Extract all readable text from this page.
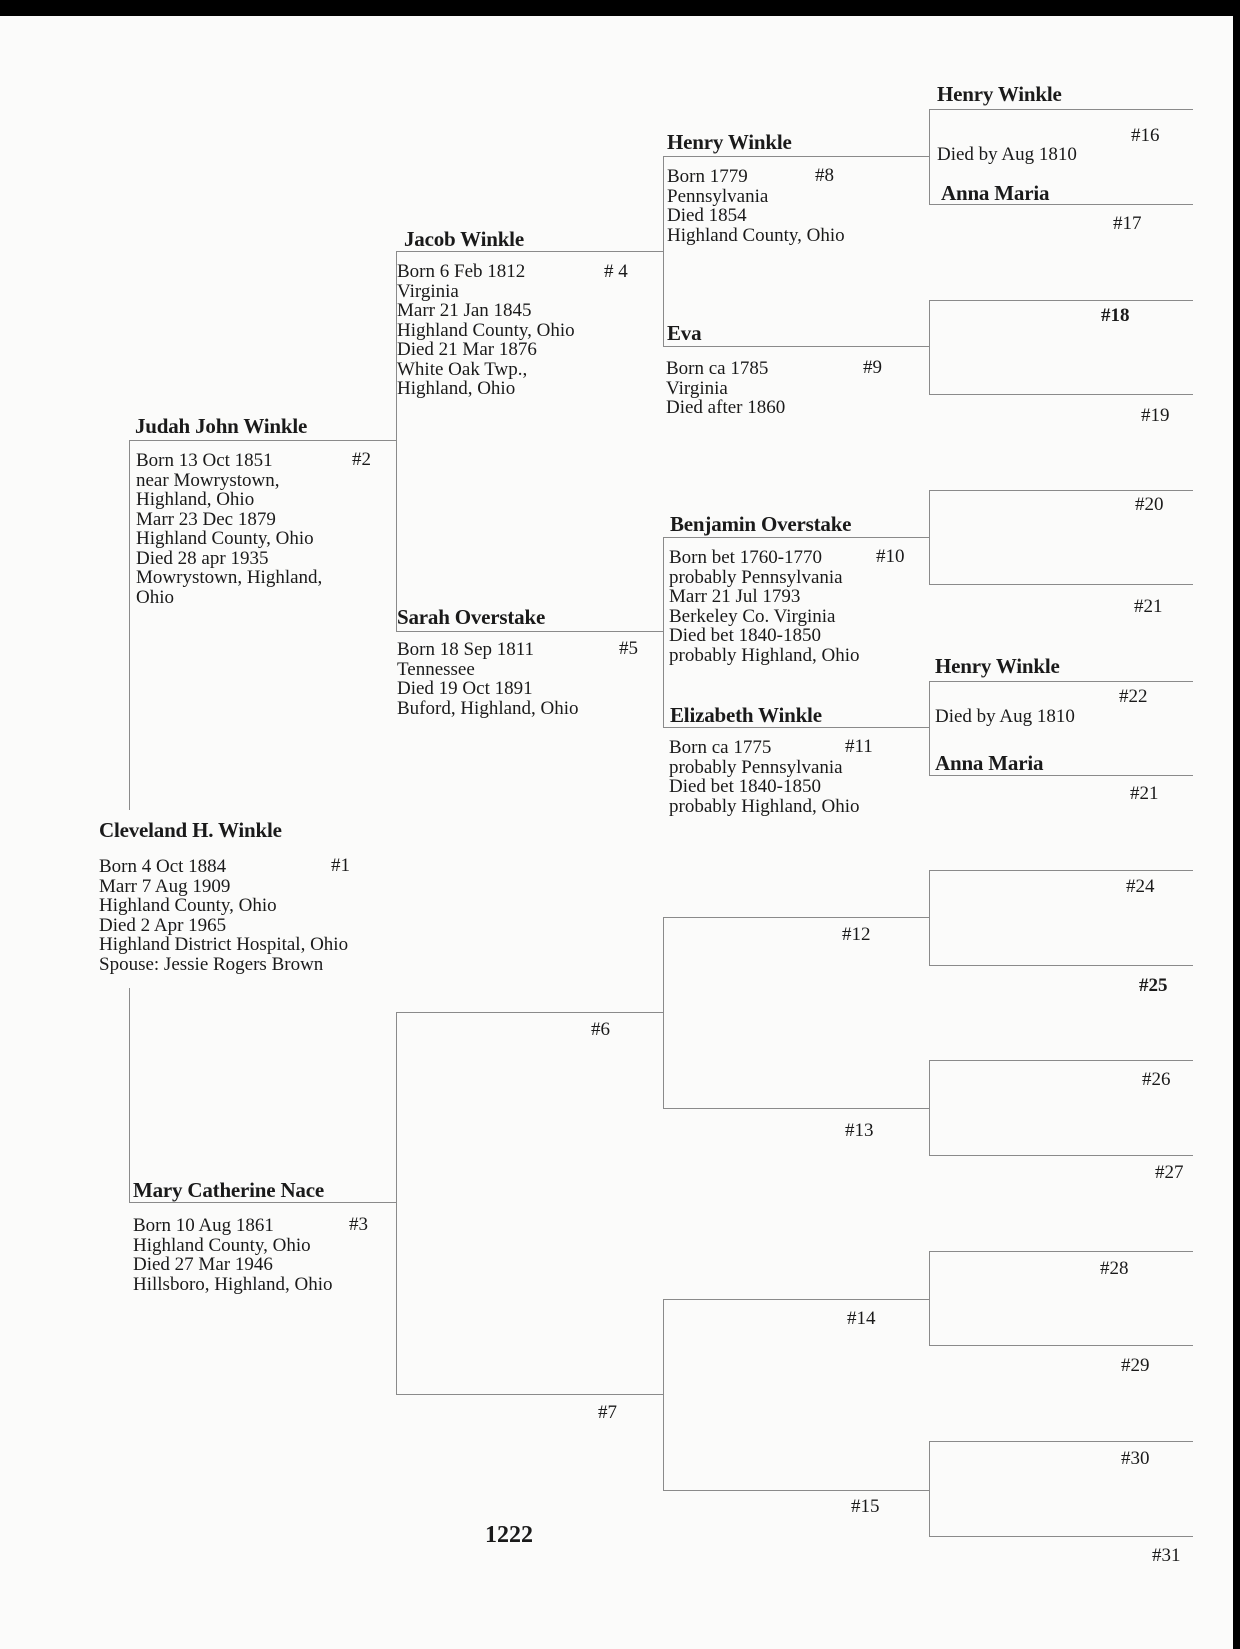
Cleveland H. Winkle
Born 4 Oct 1884
Marr 7 Aug 1909
Highland County, Ohio
Died 2 Apr 1965
Highland District Hospital, Ohio
Spouse: Jessie Rogers Brown
#1
Judah John Winkle
Born 13 Oct 1851
near Mowrystown,
Highland, Ohio
Marr 23 Dec 1879
Highland County, Ohio
Died 28 apr 1935
Mowrystown, Highland,
Ohio
#2
Mary Catherine Nace
Born 10 Aug 1861
Highland County, Ohio
Died 27 Mar 1946
Hillsboro, Highland, Ohio
#3
Jacob Winkle
Born 6 Feb 1812
Virginia
Marr 21 Jan 1845
Highland County, Ohio
Died 21 Mar 1876
White Oak Twp.,
Highland, Ohio
# 4
Sarah Overstake
Born 18 Sep 1811
Tennessee
Died 19 Oct 1891
Buford, Highland, Ohio
#5
#6
#7
Henry Winkle
Born 1779
Pennsylvania
Died 1854
Highland County, Ohio
#8
Eva
Born ca 1785
Virginia
Died after 1860
#9
Benjamin Overstake
Born bet 1760-1770
probably Pennsylvania
Marr 21 Jul 1793
Berkeley Co. Virginia
Died bet 1840-1850
probably Highland, Ohio
#10
Elizabeth Winkle
Born ca 1775
probably Pennsylvania
Died bet 1840-1850
probably Highland, Ohio
#11
#12
#13
#14
#15
Henry Winkle
Died by Aug 1810
#16
Anna Maria
#17
#18
#19
#20
#21
Henry Winkle
Died by Aug 1810
#22
Anna Maria
#21
#24
#25
#26
#27
#28
#29
#30
#31
1222
